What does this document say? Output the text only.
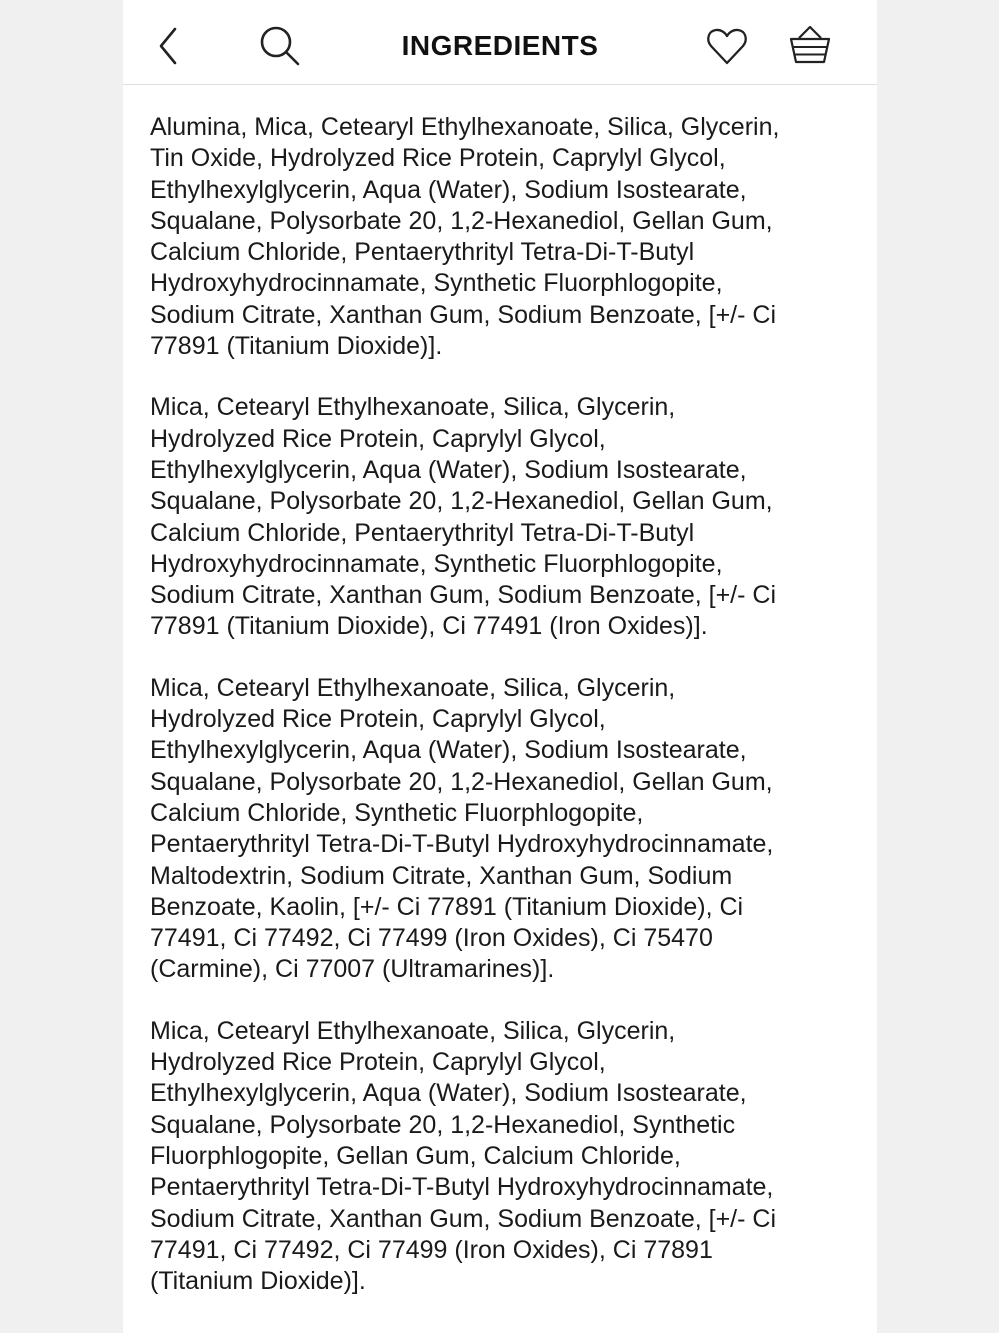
INGREDIENTS

Alumina, Mica, Cetearyl Ethylhexanoate, Silica, Glycerin,
Tin Oxide, Hydrolyzed Rice Protein, Caprylyl Glycol,
Ethylhexylglycerin, Aqua (Water), Sodium Isostearate,
Squalane, Polysorbate 20, 1,2-Hexanediol, Gellan Gum,
Calcium Chloride, Pentaerythrityl Tetra-Di-T-Butyl
Hydroxyhydrocinnamate, Synthetic Fluorphlogopite,
Sodium Citrate, Xanthan Gum, Sodium Benzoate, [+/- Ci
77891 (Titanium Dioxide)].

Mica, Cetearyl Ethylhexanoate, Silica, Glycerin,
Hydrolyzed Rice Protein, Caprylyl Glycol,
Ethylhexylglycerin, Aqua (Water), Sodium Isostearate,
Squalane, Polysorbate 20, 1,2-Hexanediol, Gellan Gum,
Calcium Chloride, Pentaerythrityl Tetra-Di-T-Butyl
Hydroxyhydrocinnamate, Synthetic Fluorphlogopite,
Sodium Citrate, Xanthan Gum, Sodium Benzoate, [+/- Ci
77891 (Titanium Dioxide), Ci 77491 (Iron Oxides)].

Mica, Cetearyl Ethylhexanoate, Silica, Glycerin,
Hydrolyzed Rice Protein, Caprylyl Glycol,
Ethylhexylglycerin, Aqua (Water), Sodium Isostearate,
Squalane, Polysorbate 20, 1,2-Hexanediol, Gellan Gum,
Calcium Chloride, Synthetic Fluorphlogopite,
Pentaerythrityl Tetra-Di-T-Butyl Hydroxyhydrocinnamate,
Maltodextrin, Sodium Citrate, Xanthan Gum, Sodium
Benzoate, Kaolin, [+/- Ci 77891 (Titanium Dioxide), Ci
77491, Ci 77492, Ci 77499 (Iron Oxides), Ci 75470
(Carmine), Ci 77007 (Ultramarines)].

Mica, Cetearyl Ethylhexanoate, Silica, Glycerin,
Hydrolyzed Rice Protein, Caprylyl Glycol,
Ethylhexylglycerin, Aqua (Water), Sodium Isostearate,
Squalane, Polysorbate 20, 1,2-Hexanediol, Synthetic
Fluorphlogopite, Gellan Gum, Calcium Chloride,
Pentaerythrityl Tetra-Di-T-Butyl Hydroxyhydrocinnamate,
Sodium Citrate, Xanthan Gum, Sodium Benzoate, [+/- Ci
77491, Ci 77492, Ci 77499 (Iron Oxides), Ci 77891
(Titanium Dioxide)].
